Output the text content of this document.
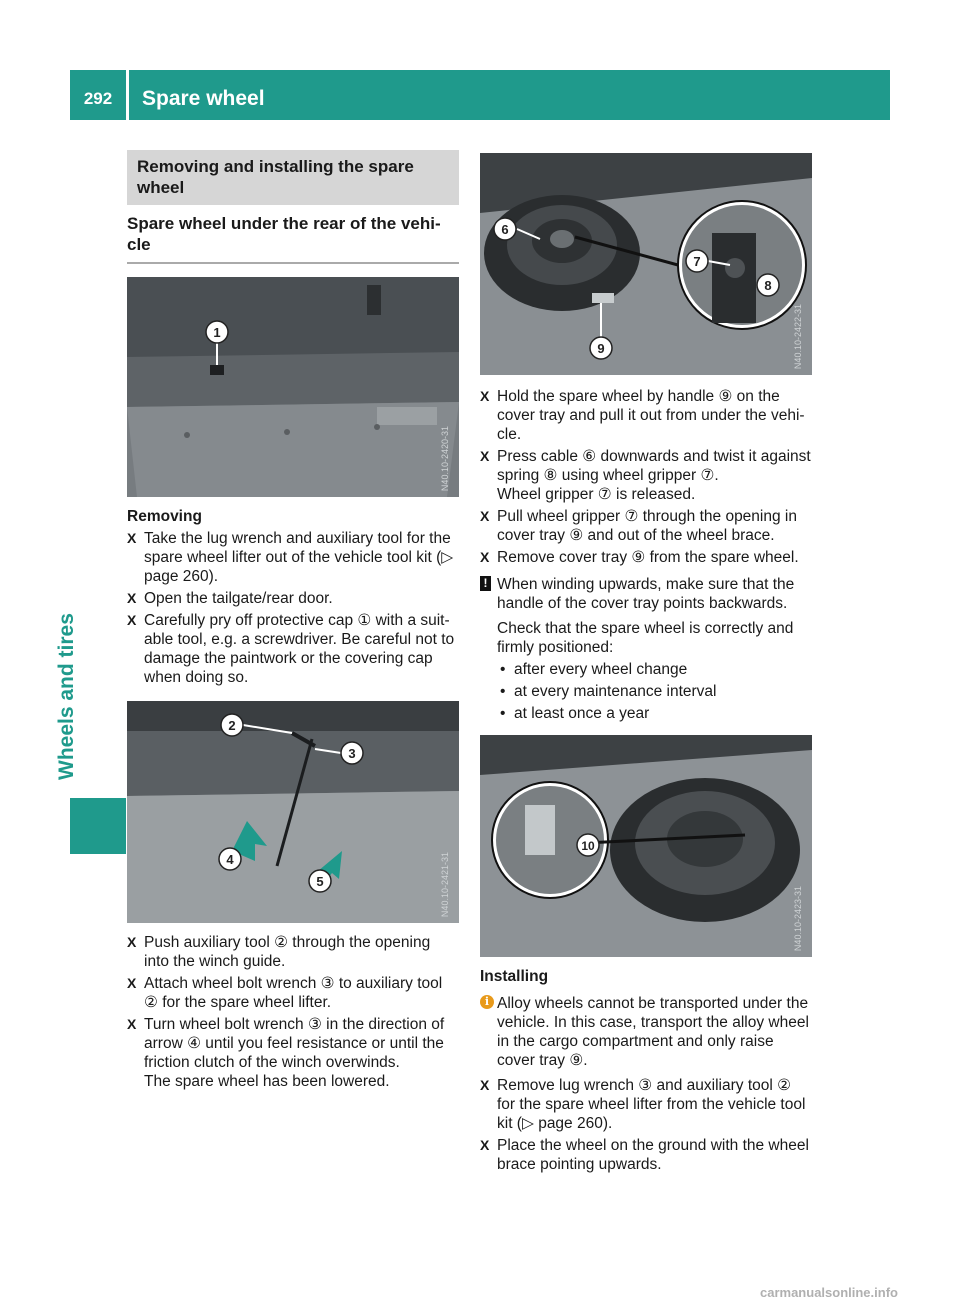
292	Spare wheel
Wheels and tires
Removing and installing the spare wheel
Spare wheel under the rear of the vehi-cle
1
N40.10-2420-31
Removing
X Take the lug wrench and auxiliary tool for the spare wheel lifter out of the vehicle tool kit (▷ page 260).
X Open the tailgate/rear door.
X Carefully pry off protective cap ① with a suit-able tool, e.g. a screwdriver. Be careful not to damage the paintwork or the covering cap when doing so.
2
3
4
5	N40.10-2421-31
X Push auxiliary tool ② through the opening into the winch guide.
X Attach wheel bolt wrench ③ to auxiliary tool ② for the spare wheel lifter.
X Turn wheel bolt wrench ③ in the direction of arrow ④ until you feel resistance or until the friction clutch of the winch overwinds.
The spare wheel has been lowered.
6
7
8
9	N40.10-2422-31
X Hold the spare wheel by handle ⑨ on the cover tray and pull it out from under the vehi-cle.
X Press cable ⑥ downwards and twist it against spring ⑧ using wheel gripper ⑦.
Wheel gripper ⑦ is released.
X Pull wheel gripper ⑦ through the opening in cover tray ⑨ and out of the wheel brace.
X Remove cover tray ⑨ from the spare wheel.
! When winding upwards, make sure that the handle of the cover tray points backwards.
Check that the spare wheel is correctly and firmly positioned:
• after every wheel change
• at every maintenance interval
• at least once a year
10
N40.10-2423-31
Installing
i Alloy wheels cannot be transported under the vehicle. In this case, transport the alloy wheel in the cargo compartment and only raise cover tray ⑨.
X Remove lug wrench ③ and auxiliary tool ② for the spare wheel lifter from the vehicle tool kit (▷ page 260).
X Place the wheel on the ground with the wheel brace pointing upwards.
carmanualsonline.info
